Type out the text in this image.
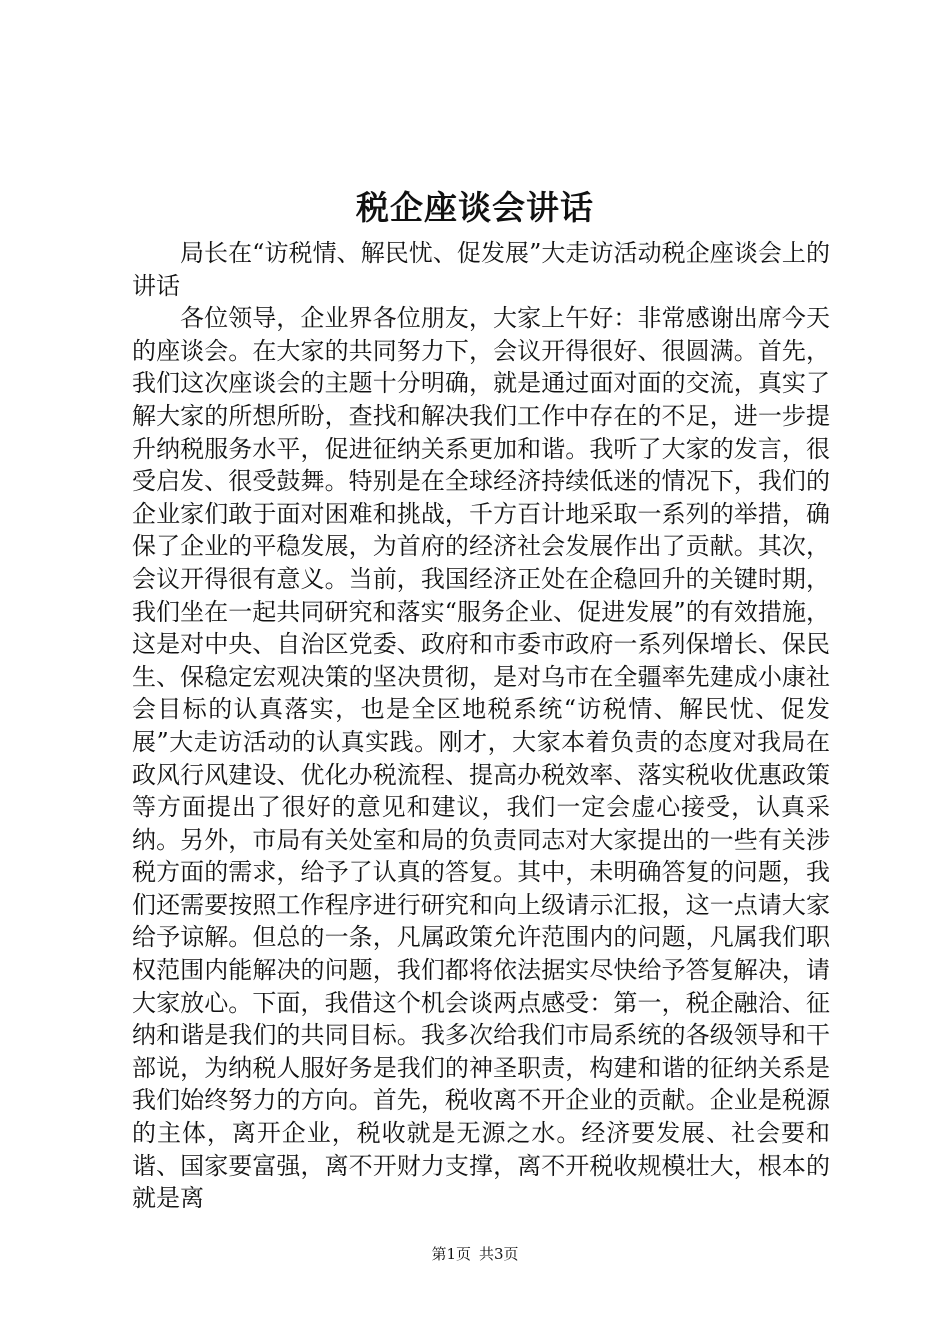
税企座谈会讲话

局长在“访税情、解民忧、促发展”大走访活动税企座谈会上的讲话

各位领导，企业界各位朋友，大家上午好：非常感谢出席今天的座谈会。在大家的共同努力下，会议开得很好、很圆满。首先，我们这次座谈会的主题十分明确，就是通过面对面的交流，真实了解大家的所想所盼，查找和解决我们工作中存在的不足，进一步提升纳税服务水平，促进征纳关系更加和谐。我听了大家的发言，很受启发、很受鼓舞。特别是在全球经济持续低迷的情况下，我们的企业家们敢于面对困难和挑战，千方百计地采取一系列的举措，确保了企业的平稳发展，为首府的经济社会发展作出了贡献。其次，会议开得很有意义。当前，我国经济正处在企稳回升的关键时期，我们坐在一起共同研究和落实“服务企业、促进发展”的有效措施，这是对中央、自治区党委、政府和市委市政府一系列保增长、保民生、保稳定宏观决策的坚决贯彻，是对乌市在全疆率先建成小康社会目标的认真落实，也是全区地税系统“访税情、解民忧、促发展”大走访活动的认真实践。刚才，大家本着负责的态度对我局在政风行风建设、优化办税流程、提高办税效率、落实税收优惠政策等方面提出了很好的意见和建议，我们一定会虚心接受，认真采纳。另外，市局有关处室和局的负责同志对大家提出的一些有关涉税方面的需求，给予了认真的答复。其中，未明确答复的问题，我们还需要按照工作程序进行研究和向上级请示汇报，这一点请大家给予谅解。但总的一条，凡属政策允许范围内的问题，凡属我们职权范围内能解决的问题，我们都将依法据实尽快给予答复解决，请大家放心。下面，我借这个机会谈两点感受：第一，税企融洽、征纳和谐是我们的共同目标。我多次给我们市局系统的各级领导和干部说，为纳税人服好务是我们的神圣职责，构建和谐的征纳关系是我们始终努力的方向。首先，税收离不开企业的贡献。企业是税源的主体，离开企业，税收就是无源之水。经济要发展、社会要和谐、国家要富强，离不开财力支撑，离不开税收规模壮大，根本的就是离

第1页 共3页
